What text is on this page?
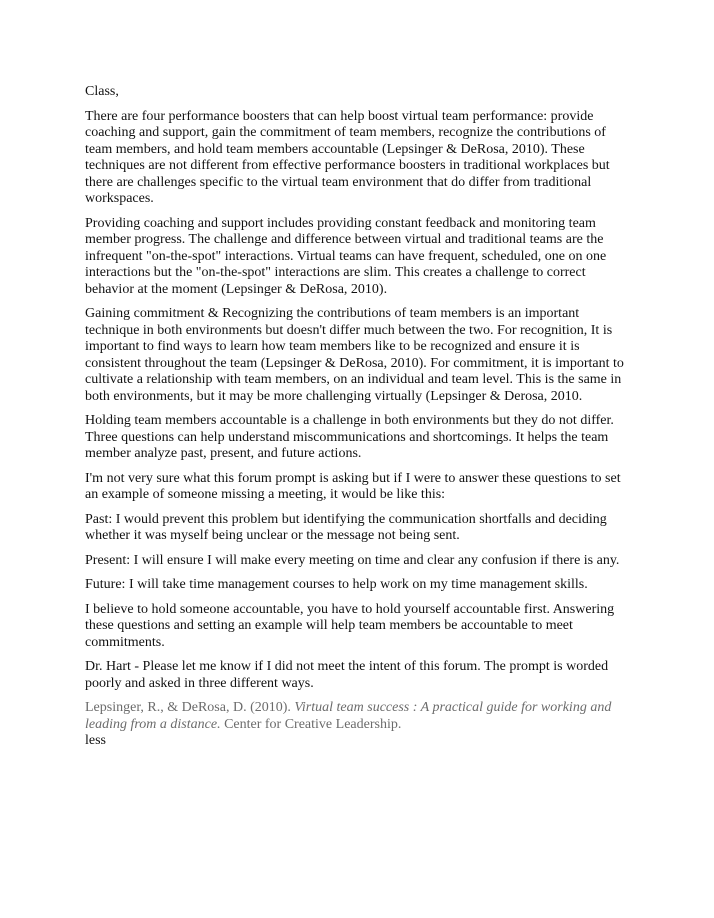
Class,

There are four performance boosters that can help boost virtual team performance: provide coaching and support, gain the commitment of team members, recognize the contributions of team members, and hold team members accountable (Lepsinger & DeRosa, 2010). These techniques are not different from effective performance boosters in traditional workplaces but there are challenges specific to the virtual team environment that do differ from traditional workspaces.

Providing coaching and support includes providing constant feedback and monitoring team member progress. The challenge and difference between virtual and traditional teams are the infrequent "on-the-spot" interactions. Virtual teams can have frequent, scheduled, one on one interactions but the "on-the-spot" interactions are slim. This creates a challenge to correct behavior at the moment (Lepsinger & DeRosa, 2010).

Gaining commitment & Recognizing the contributions of team members is an important technique in both environments but doesn't differ much between the two. For recognition, It is important to find ways to learn how team members like to be recognized and ensure it is consistent throughout the team (Lepsinger & DeRosa, 2010). For commitment, it is important to cultivate a relationship with team members, on an individual and team level. This is the same in both environments, but it may be more challenging virtually (Lepsinger & Derosa, 2010.

Holding team members accountable is a challenge in both environments but they do not differ. Three questions can help understand miscommunications and shortcomings. It helps the team member analyze past, present, and future actions.

I'm not very sure what this forum prompt is asking but if I were to answer these questions to set an example of someone missing a meeting, it would be like this:

Past: I would prevent this problem but identifying the communication shortfalls and deciding whether it was myself being unclear or the message not being sent.

Present: I will ensure I will make every meeting on time and clear any confusion if there is any.

Future: I will take time management courses to help work on my time management skills.

I believe to hold someone accountable, you have to hold yourself accountable first. Answering these questions and setting an example will help team members be accountable to meet commitments.

Dr. Hart - Please let me know if I did not meet the intent of this forum. The prompt is worded poorly and asked in three different ways.

Lepsinger, R., & DeRosa, D. (2010). Virtual team success : A practical guide for working and leading from a distance. Center for Creative Leadership.

less
